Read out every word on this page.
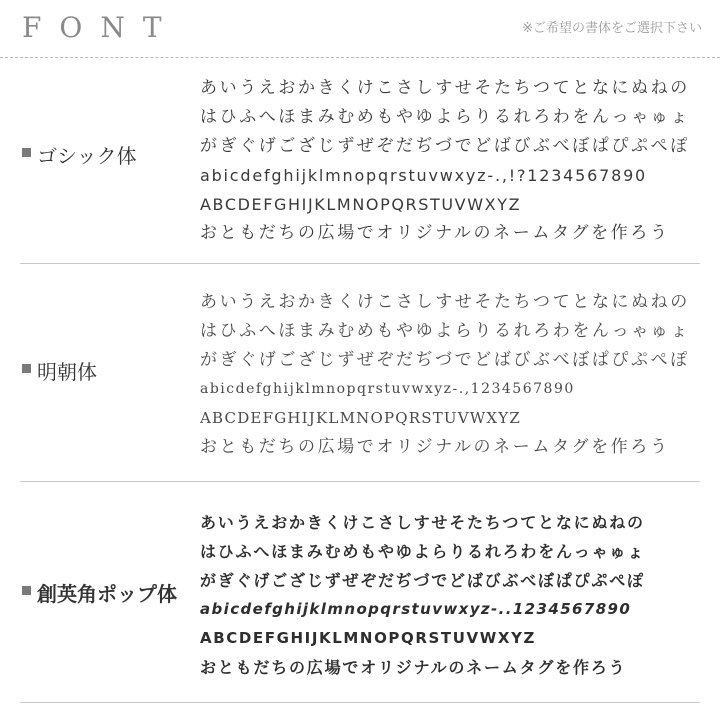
FONT	※ご希望の書体をご選択下さい
ゴシック体
あいうえおかきくけこさしすせそたちつてとなにぬねの
はひふへほまみむめもやゆよらりるれろわをんっゃゅょ
がぎぐげござじずぜぞだぢづでどばびぶべぼぱぴぷぺぽ
abicdefghijklmnopqrstuvwxyz-.,!?1234567890
ABCDEFGHIJKLMNOPQRSTUVWXYZ
おともだちの広場でオリジナルのネームタグを作ろう
明朝体
あいうえおかきくけこさしすせそたちつてとなにぬねの
はひふへほまみむめもやゆよらりるれろわをんっゃゅょ
がぎぐげござじずぜぞだぢづでどばびぶべぼぱぴぷぺぽ
abicdefghijklmnopqrstuvwxyz-.,1234567890
ABCDEFGHIJKLMNOPQRSTUVWXYZ
おともだちの広場でオリジナルのネームタグを作ろう
創英角ポップ体
あいうえおかきくけこさしすせそたちつてとなにぬねの
はひふへほまみむめもやゆよらりるれろわをんっゃゅょ
がぎぐげござじずぜぞだぢづでどばびぶべぼぱぴぷぺぽ
abicdefghijklmnopqrstuvwxyz-..1234567890
ABCDEFGHIJKLMNOPQRSTUVWXYZ
おともだちの広場でオリジナルのネームタグを作ろう
